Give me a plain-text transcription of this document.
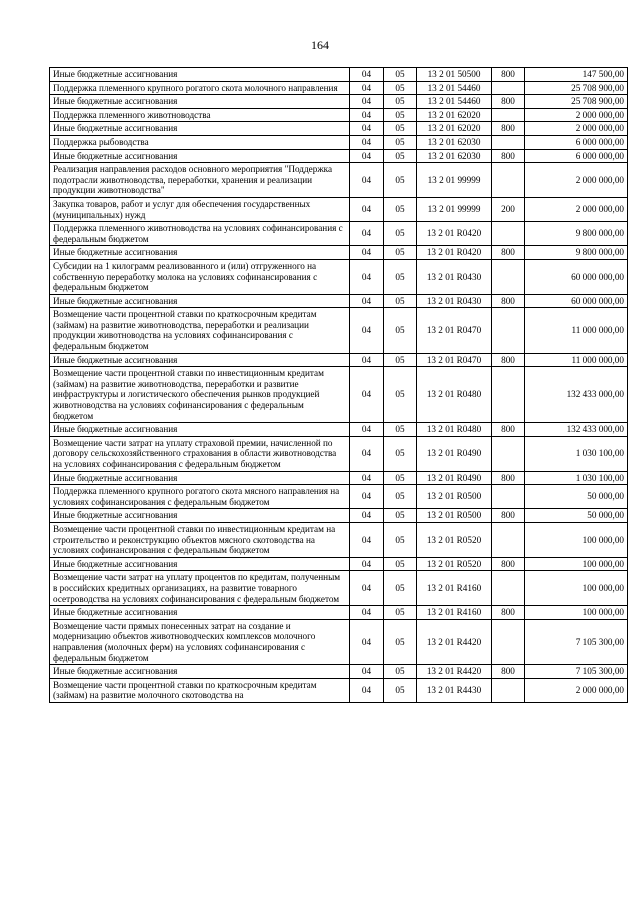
164
Иные бюджетные ассигнования	04	05	13 2 01 50500	800	147 500,00
Поддержка племенного крупного рогатого скота молочного направления	04	05	13 2 01 54460		25 708 900,00
Иные бюджетные ассигнования	04	05	13 2 01 54460	800	25 708 900,00
Поддержка племенного животноводства	04	05	13 2 01 62020		2 000 000,00
Иные бюджетные ассигнования	04	05	13 2 01 62020	800	2 000 000,00
Поддержка рыбоводства	04	05	13 2 01 62030		6 000 000,00
Иные бюджетные ассигнования	04	05	13 2 01 62030	800	6 000 000,00
Реализация направления расходов основного мероприятия "Поддержка подотрасли животноводства, переработки, хранения и реализации продукции животноводства"	04	05	13 2 01 99999		2 000 000,00
Закупка товаров, работ и услуг для обеспечения государственных (муниципальных) нужд	04	05	13 2 01 99999	200	2 000 000,00
Поддержка племенного животноводства на условиях софинансирования с федеральным бюджетом	04	05	13 2 01 R0420		9 800 000,00
Иные бюджетные ассигнования	04	05	13 2 01 R0420	800	9 800 000,00
Субсидии на 1 килограмм реализованного и (или) отгруженного на собственную переработку молока на условиях софинансирования с федеральным бюджетом	04	05	13 2 01 R0430		60 000 000,00
Иные бюджетные ассигнования	04	05	13 2 01 R0430	800	60 000 000,00
Возмещение части процентной ставки по краткосрочным кредитам (займам) на развитие животноводства, переработки и реализации продукции животноводства на условиях софинансирования с федеральным бюджетом	04	05	13 2 01 R0470		11 000 000,00
Иные бюджетные ассигнования	04	05	13 2 01 R0470	800	11 000 000,00
Возмещение части процентной ставки по инвестиционным кредитам (займам) на развитие животноводства, переработки и развитие инфраструктуры и логистического обеспечения рынков продукцией животноводства на условиях софинансирования с федеральным бюджетом	04	05	13 2 01 R0480		132 433 000,00
Иные бюджетные ассигнования	04	05	13 2 01 R0480	800	132 433 000,00
Возмещение части затрат на уплату страховой премии, начисленной по договору сельскохозяйственного страхования в области животноводства на условиях софинансирования с федеральным бюджетом	04	05	13 2 01 R0490		1 030 100,00
Иные бюджетные ассигнования	04	05	13 2 01 R0490	800	1 030 100,00
Поддержка племенного крупного рогатого скота мясного направления на условиях софинансирования с федеральным бюджетом	04	05	13 2 01 R0500		50 000,00
Иные бюджетные ассигнования	04	05	13 2 01 R0500	800	50 000,00
Возмещение части процентной ставки по инвестиционным кредитам на строительство и реконструкцию объектов мясного скотоводства на условиях софинансирования с федеральным бюджетом	04	05	13 2 01 R0520		100 000,00
Иные бюджетные ассигнования	04	05	13 2 01 R0520	800	100 000,00
Возмещение части затрат на уплату процентов по кредитам, полученным в российских кредитных организациях, на развитие товарного осетроводства на условиях софинансирования с федеральным бюджетом	04	05	13 2 01 R4160		100 000,00
Иные бюджетные ассигнования	04	05	13 2 01 R4160	800	100 000,00
Возмещение части прямых понесенных затрат на создание и модернизацию объектов животноводческих комплексов молочного направления (молочных ферм) на условиях софинансирования с федеральным бюджетом	04	05	13 2 01 R4420		7 105 300,00
Иные бюджетные ассигнования	04	05	13 2 01 R4420	800	7 105 300,00
Возмещение части процентной ставки по краткосрочным кредитам (займам) на развитие молочного скотоводства на	04	05	13 2 01 R4430		2 000 000,00
